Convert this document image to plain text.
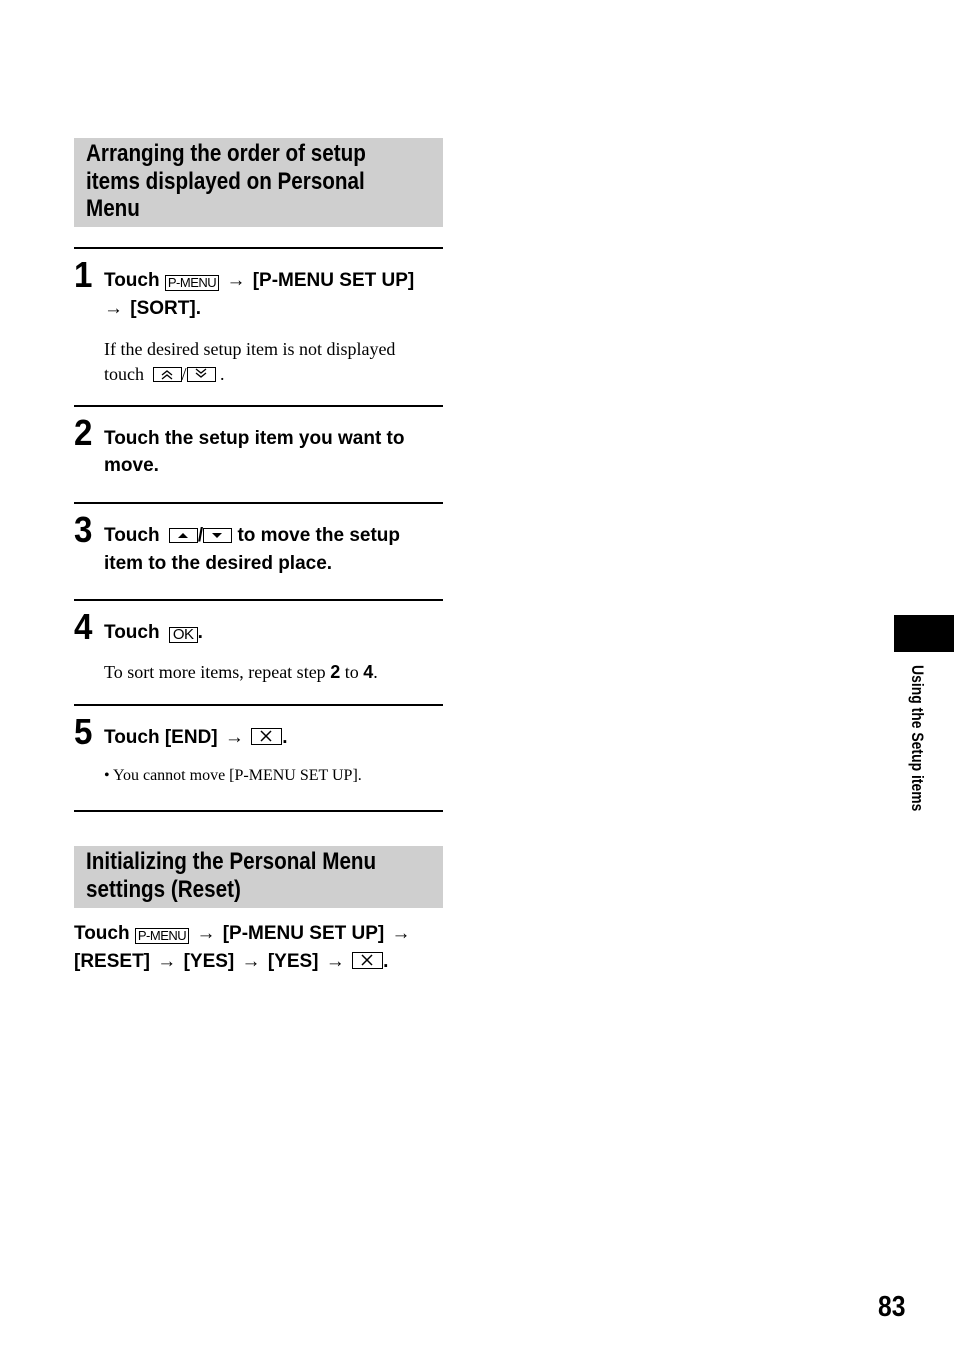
Arranging the order of setup
items displayed on Personal
Menu
1 Touch P-MENU → [P-MENU SET UP]
→ [SORT].
If the desired setup item is not displayed
touch / .
2 Touch the setup item you want to
move.
3 Touch / to move the setup
item to the desired place.
4 Touch OK .
To sort more items, repeat step 2 to 4.
5 Touch [END] → .
• You cannot move [P-MENU SET UP].
Initializing the Personal Menu
settings (Reset)
Touch P-MENU → [P-MENU SET UP] →
[RESET] → [YES] → [YES] → .
Using the Setup items
83
